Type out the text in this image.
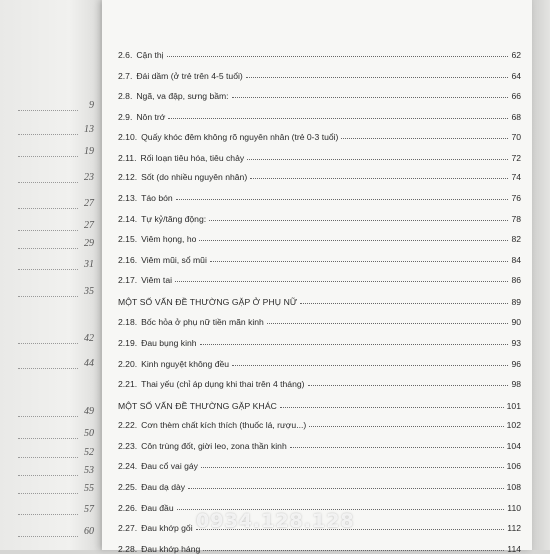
9
13
19
23
27
27
29
31
35
42
44
49
50
52
53
55
57
60
2.6. Cận thị	62
2.7. Đái dầm (ở trẻ trên 4-5 tuổi)	64
2.8. Ngã, va đập, sưng bầm:	66
2.9. Nôn trớ	68
2.10. Quấy khóc đêm không rõ nguyên nhân (trẻ 0-3 tuổi)	70
2.11. Rối loạn tiêu hóa, tiêu chảy	72
2.12. Sốt (do nhiều nguyên nhân)	74
2.13. Táo bón	76
2.14. Tự kỷ/tăng động:	78
2.15. Viêm họng, ho	82
2.16. Viêm mũi, sổ mũi	84
2.17. Viêm tai	86
MỘT SỐ VẤN ĐỀ THƯỜNG GẶP Ở PHỤ NỮ	89
2.18. Bốc hỏa ở phụ nữ tiền mãn kinh	90
2.19. Đau bụng kinh	93
2.20. Kinh nguyệt không đều	96
2.21. Thai yếu (chỉ áp dụng khi thai trên 4 tháng)	98
MỘT SỐ VẤN ĐỀ THƯỜNG GẶP KHÁC	101
2.22. Cơn thèm chất kích thích (thuốc lá, rượu...)	102
2.23. Côn trùng đốt, giời leo, zona thần kinh	104
2.24. Đau cổ vai gáy	106
2.25. Đau dạ dày	108
2.26. Đau đầu	110
2.27. Đau khớp gối	112
2.28. Đau khớp háng	114
0934.128.128
